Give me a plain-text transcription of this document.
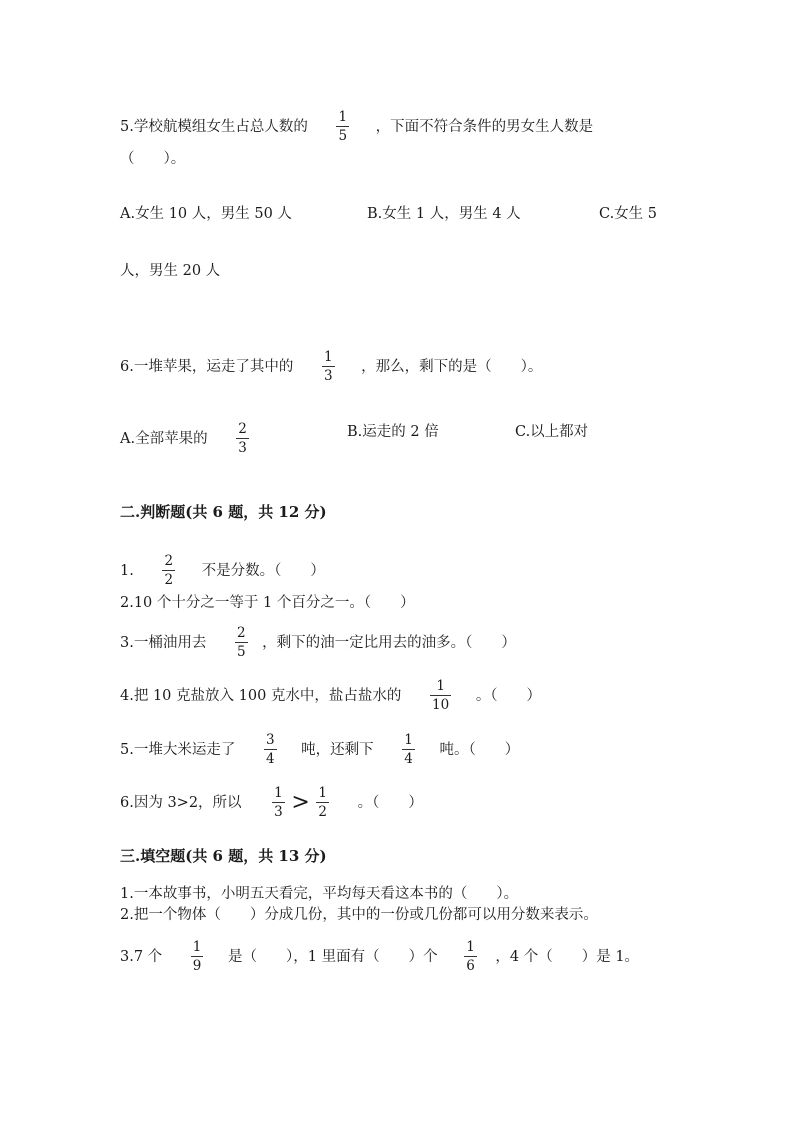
5.学校航模组女生占总人数的 $\frac{1}{5}$ ，下面不符合条件的男女生人数是
（　　）。
A.女生 10 人，男生 50 人	B.女生 1 人，男生 4 人	C.女生 5
人，男生 20 人
6.一堆苹果，运走了其中的 $\frac{1}{3}$ ，那么，剩下的是（　　）。
A.全部苹果的 $\frac{2}{3}$	B.运走的 2 倍	C.以上都对
二.判断题(共 6 题，共 12 分)
1. $\frac{2}{2}$ 不是分数。（　　）
2.10 个十分之一等于 1 个百分之一。（　　）
3.一桶油用去 $\frac{2}{5}$ ，剩下的油一定比用去的油多。（　　）
4.把 10 克盐放入 100 克水中，盐占盐水的 $\frac{1}{10}$ 。（　　）
5.一堆大米运走了 $\frac{3}{4}$ 吨，还剩下 $\frac{1}{4}$ 吨。（　　）
6.因为 3>2，所以 $\frac{1}{3} > \frac{1}{2}$ 。（　　）
三.填空题(共 6 题，共 13 分)
1.一本故事书，小明五天看完，平均每天看这本书的（　　）。
2.把一个物体（　　）分成几份，其中的一份或几份都可以用分数来表示。
3.7 个 $\frac{1}{9}$ 是（　　），1 里面有（　　）个 $\frac{1}{6}$ ，4 个（　　）是 1。
